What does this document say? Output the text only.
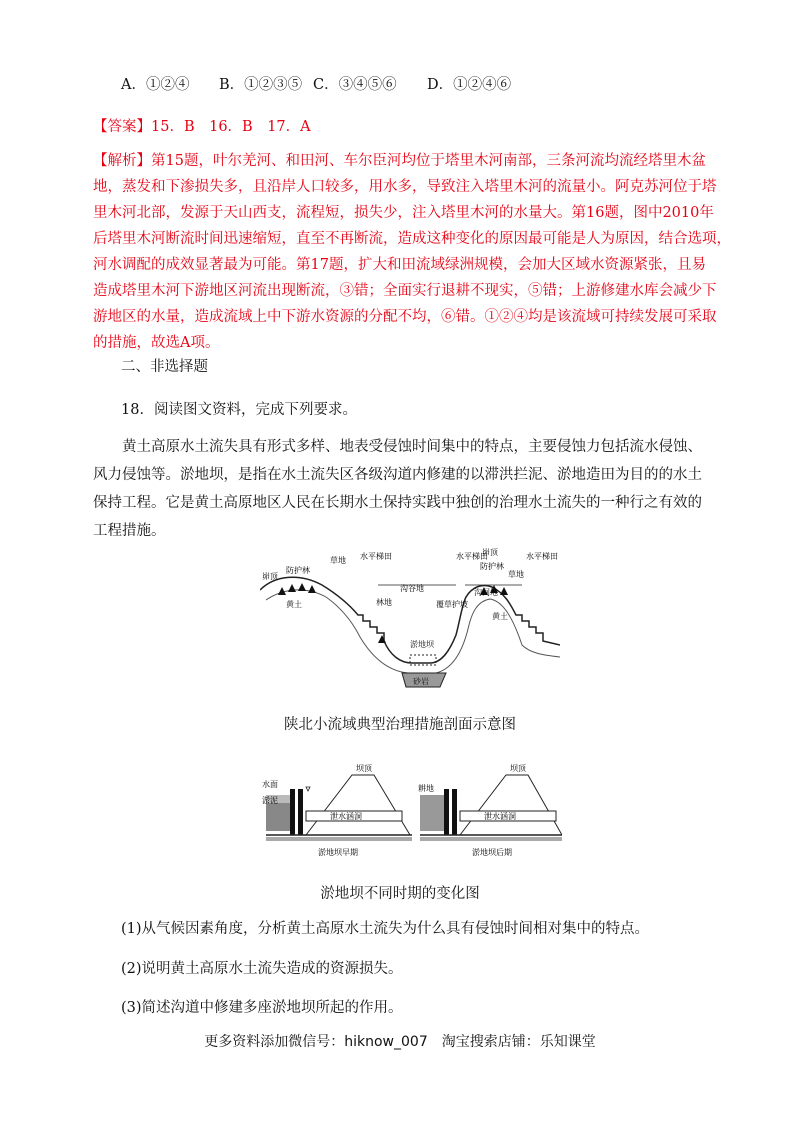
A．①②④ B．①②③⑤ C．③④⑤⑥ D．①②④⑥
【答案】15．B　16．B　17．A
【解析】第15题，叶尔羌河、和田河、车尔臣河均位于塔里木河南部，三条河流均流经塔里木盆
地，蒸发和下渗损失多，且沿岸人口较多，用水多，导致注入塔里木河的流量小。阿克苏河位于塔
里木河北部，发源于天山西支，流程短，损失少，注入塔里木河的水量大。第16题，图中2010年
后塔里木河断流时间迅速缩短，直至不再断流，造成这种变化的原因最可能是人为原因，结合选项，
河水调配的成效显著最为可能。第17题，扩大和田流域绿洲规模，会加大区域水资源紧张，且易
造成塔里木河下游地区河流出现断流，③错；全面实行退耕不现实，⑤错；上游修建水库会减少下
游地区的水量，造成流域上中下游水资源的分配不均，⑥错。①②④均是该流域可持续发展可采取
的措施，故选A项。
二、非选择题
18．阅读图文资料，完成下列要求。
黄土高原水土流失具有形式多样、地表受侵蚀时间集中的特点，主要侵蚀力包括流水侵蚀、风力侵蚀等。淤地坝，是指在水土流失区各级沟道内修建的以滞洪拦泥、淤地造田为目的的水土保持工程。它是黄土高原地区人民在长期水土保持实践中独创的治理水土流失的一种行之有效的工程措施。
砂岩
淤地坝
峁顶
防护林
黄土
草地 水平梯田
沟谷地
林地	覆草护坡
峁顶
防护林
草地
水平梯田	水平梯田
沟间地
黄土
陕北小流域典型治理措施剖面示意图
坝顶
水面
淤泥
泄水涵洞
淤地坝早期
坝顶
耕地
泄水涵洞
淤地坝后期
淤地坝不同时期的变化图
(1)从气候因素角度，分析黄土高原水土流失为什么具有侵蚀时间相对集中的特点。
(2)说明黄土高原水土流失造成的资源损失。
(3)简述沟道中修建多座淤地坝所起的作用。
更多资料添加微信号：hiknow_007　淘宝搜索店铺：乐知课堂
